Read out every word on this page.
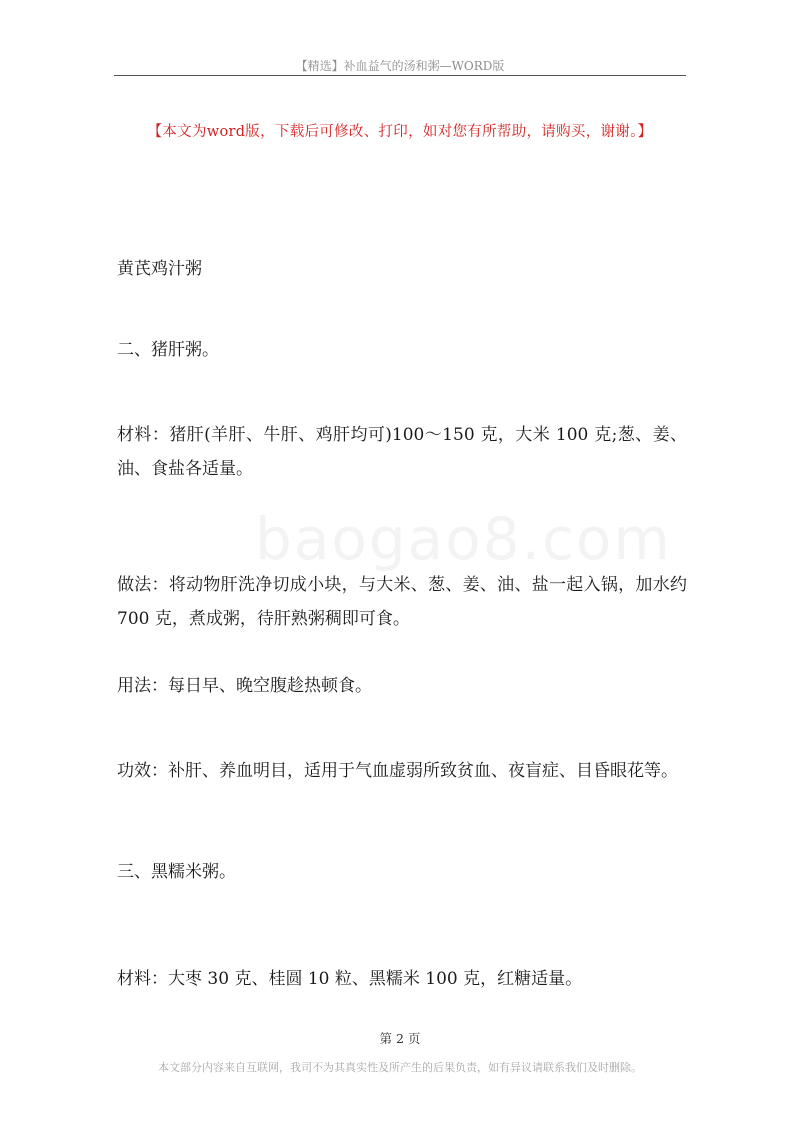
【精选】补血益气的汤和粥—WORD版
【本文为word版，下载后可修改、打印，如对您有所帮助，请购买，谢谢。】
baogao8.com
黄芪鸡汁粥
二、猪肝粥。
材料：猪肝(羊肝、牛肝、鸡肝均可)100～150 克，大米 100 克;葱、姜、油、食盐各适量。
做法：将动物肝洗净切成小块，与大米、葱、姜、油、盐一起入锅，加水约 700 克，煮成粥，待肝熟粥稠即可食。
用法：每日早、晚空腹趁热顿食。
功效：补肝、养血明目，适用于气血虚弱所致贫血、夜盲症、目昏眼花等。
三、黑糯米粥。
材料：大枣 30 克、桂圆 10 粒、黑糯米 100 克，红糖适量。
第 2 页
本文部分内容来自互联网，我司不为其真实性及所产生的后果负责，如有异议请联系我们及时删除。
